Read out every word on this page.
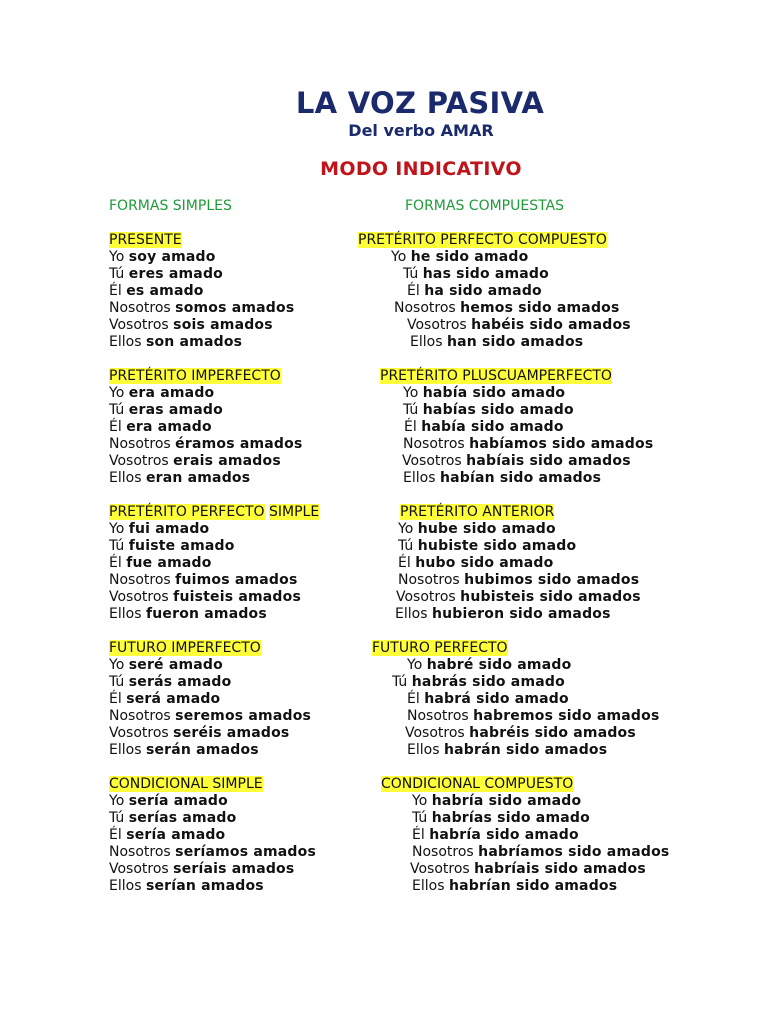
LA VOZ PASIVA
Del verbo AMAR
MODO INDICATIVO
FORMAS SIMPLES	FORMAS COMPUESTAS
PRESENTE
Yo soy amado
Tú eres amado
Él es amado
Nosotros somos amados
Vosotros sois amados
Ellos son amados
PRETÉRITO PERFECTO COMPUESTO
Yo he sido amado
Tú has sido amado
Él ha sido amado
Nosotros hemos sido amados
Vosotros habéis sido amados
Ellos han sido amados
PRETÉRITO IMPERFECTO
Yo era amado
Tú eras amado
Él era amado
Nosotros éramos amados
Vosotros erais amados
Ellos eran amados
PRETÉRITO PLUSCUAMPERFECTO
Yo había sido amado
Tú habías sido amado
Él había sido amado
Nosotros habíamos sido amados
Vosotros habíais sido amados
Ellos habían sido amados
PRETÉRITO PERFECTO SIMPLE
Yo fui amado
Tú fuiste amado
Él fue amado
Nosotros fuimos amados
Vosotros fuisteis amados
Ellos fueron amados
PRETÉRITO ANTERIOR
Yo hube sido amado
Tú hubiste sido amado
Él hubo sido amado
Nosotros hubimos sido amados
Vosotros hubisteis sido amados
Ellos hubieron sido amados
FUTURO IMPERFECTO
Yo seré amado
Tú serás amado
Él será amado
Nosotros seremos amados
Vosotros seréis amados
Ellos serán amados
FUTURO PERFECTO
Yo habré sido amado
Tú habrás sido amado
Él habrá sido amado
Nosotros habremos sido amados
Vosotros habréis sido amados
Ellos habrán sido amados
CONDICIONAL SIMPLE
Yo sería amado
Tú serías amado
Él sería amado
Nosotros seríamos amados
Vosotros seríais amados
Ellos serían amados
CONDICIONAL COMPUESTO
Yo habría sido amado
Tú habrías sido amado
Él habría sido amado
Nosotros habríamos sido amados
Vosotros habríais sido amados
Ellos habrían sido amados
